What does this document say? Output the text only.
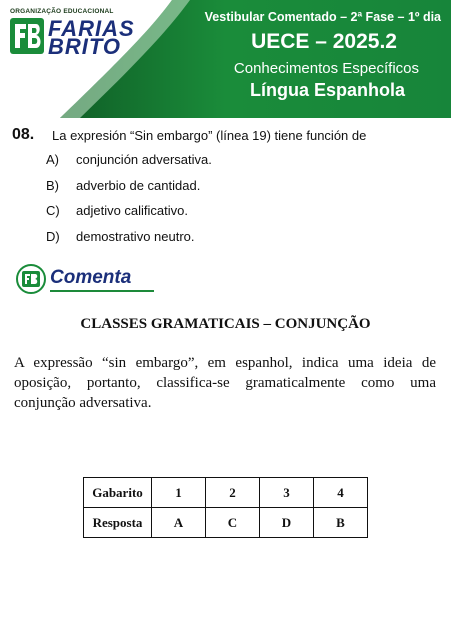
ORGANIZAÇÃO EDUCACIONAL
FARIAS
BRITO
Vestibular Comentado – 2ª Fase – 1º dia
UECE – 2025.2
Conhecimentos Específicos
Língua Espanhola
08. La expresión “Sin embargo” (línea 19) tiene función de
A) conjunción adversativa.
B) adverbio de cantidad.
C) adjetivo calificativo.
D) demostrativo neutro.
Comenta
CLASSES GRAMATICAIS – CONJUNÇÃO
A expressão “sin embargo”, em espanhol, indica uma ideia de oposição, portanto, classifica-se gramaticalmente como uma conjunção adversativa.
Gabarito	1	2	3	4
Resposta	A	C	D	B
